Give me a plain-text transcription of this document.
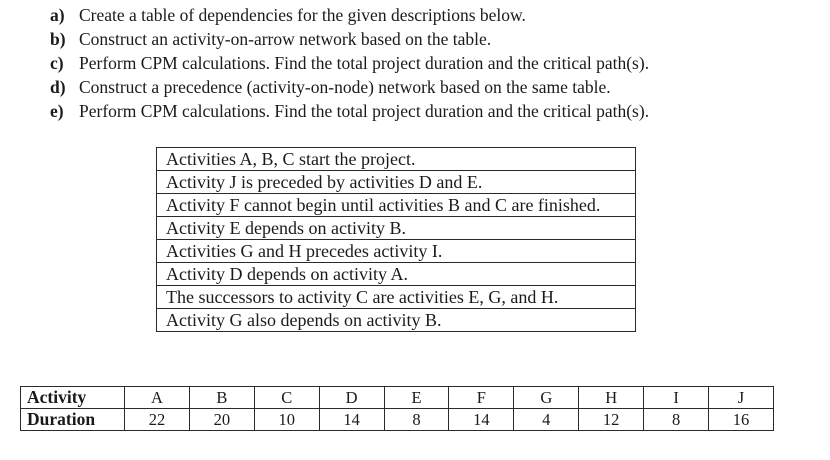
a) Create a table of dependencies for the given descriptions below.
b) Construct an activity-on-arrow network based on the table.
c) Perform CPM calculations. Find the total project duration and the critical path(s).
d) Construct a precedence (activity-on-node) network based on the same table.
e) Perform CPM calculations. Find the total project duration and the critical path(s).
Activities A, B, C start the project.
Activity J is preceded by activities D and E.
Activity F cannot begin until activities B and C are finished.
Activity E depends on activity B.
Activities G and H precedes activity I.
Activity D depends on activity A.
The successors to activity C are activities E, G, and H.
Activity G also depends on activity B.
Activity	A	B	C	D	E	F	G	H	I	J
Duration	22	20	10	14	8	14	4	12	8	16
